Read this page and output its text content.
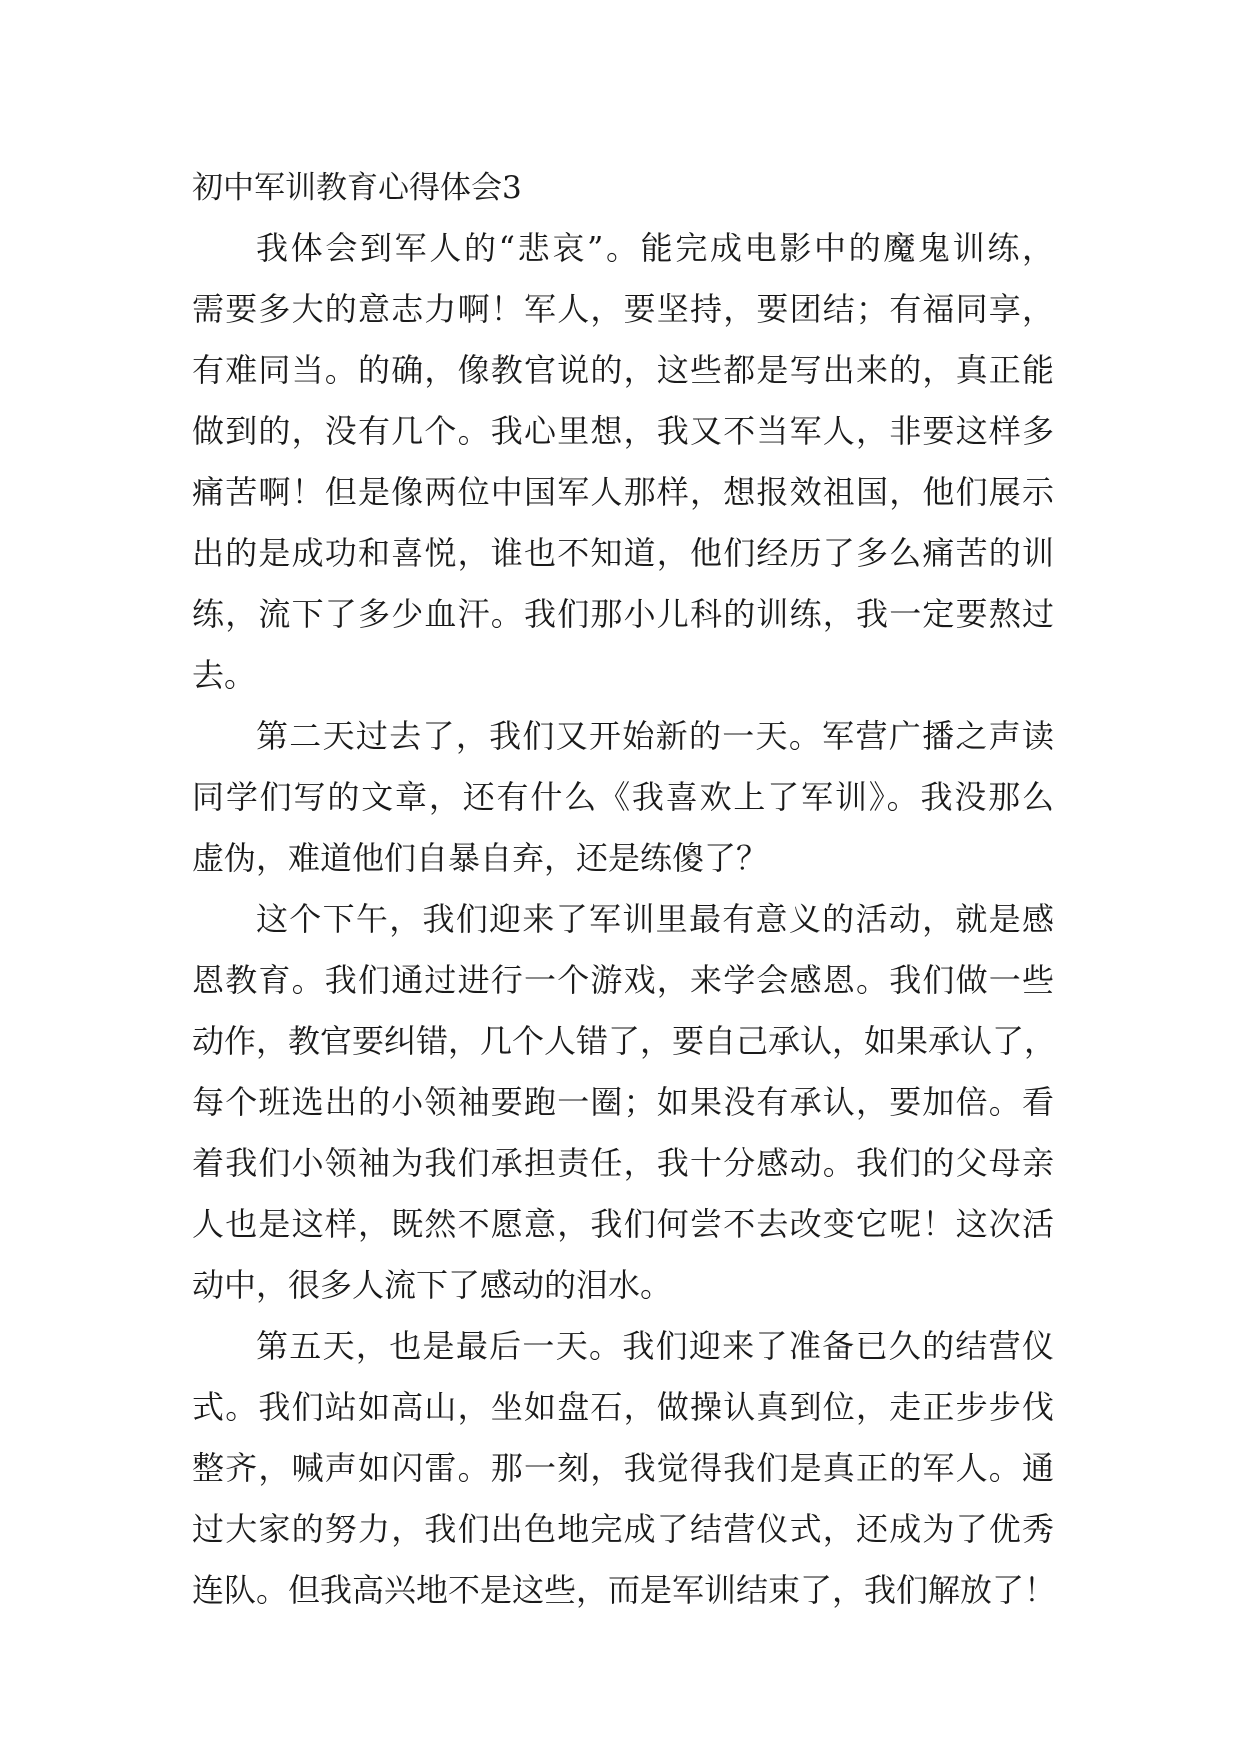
初中军训教育心得体会3
我体会到军人的“悲哀”。能完成电影中的魔鬼训练，
需要多大的意志力啊！军人，要坚持，要团结；有福同享，
有难同当。的确，像教官说的，这些都是写出来的，真正能
做到的，没有几个。我心里想，我又不当军人，非要这样多
痛苦啊！但是像两位中国军人那样，想报效祖国，他们展示
出的是成功和喜悦，谁也不知道，他们经历了多么痛苦的训
练，流下了多少血汗。我们那小儿科的训练，我一定要熬过
去。
第二天过去了，我们又开始新的一天。军营广播之声读
同学们写的文章，还有什么《我喜欢上了军训》。我没那么
虚伪，难道他们自暴自弃，还是练傻了？
这个下午，我们迎来了军训里最有意义的活动，就是感
恩教育。我们通过进行一个游戏，来学会感恩。我们做一些
动作，教官要纠错，几个人错了，要自己承认，如果承认了，
每个班选出的小领袖要跑一圈；如果没有承认，要加倍。看
着我们小领袖为我们承担责任，我十分感动。我们的父母亲
人也是这样，既然不愿意，我们何尝不去改变它呢！这次活
动中，很多人流下了感动的泪水。
第五天，也是最后一天。我们迎来了准备已久的结营仪
式。我们站如高山，坐如盘石，做操认真到位，走正步步伐
整齐，喊声如闪雷。那一刻，我觉得我们是真正的军人。通
过大家的努力，我们出色地完成了结营仪式，还成为了优秀
连队。但我高兴地不是这些，而是军训结束了，我们解放了！
